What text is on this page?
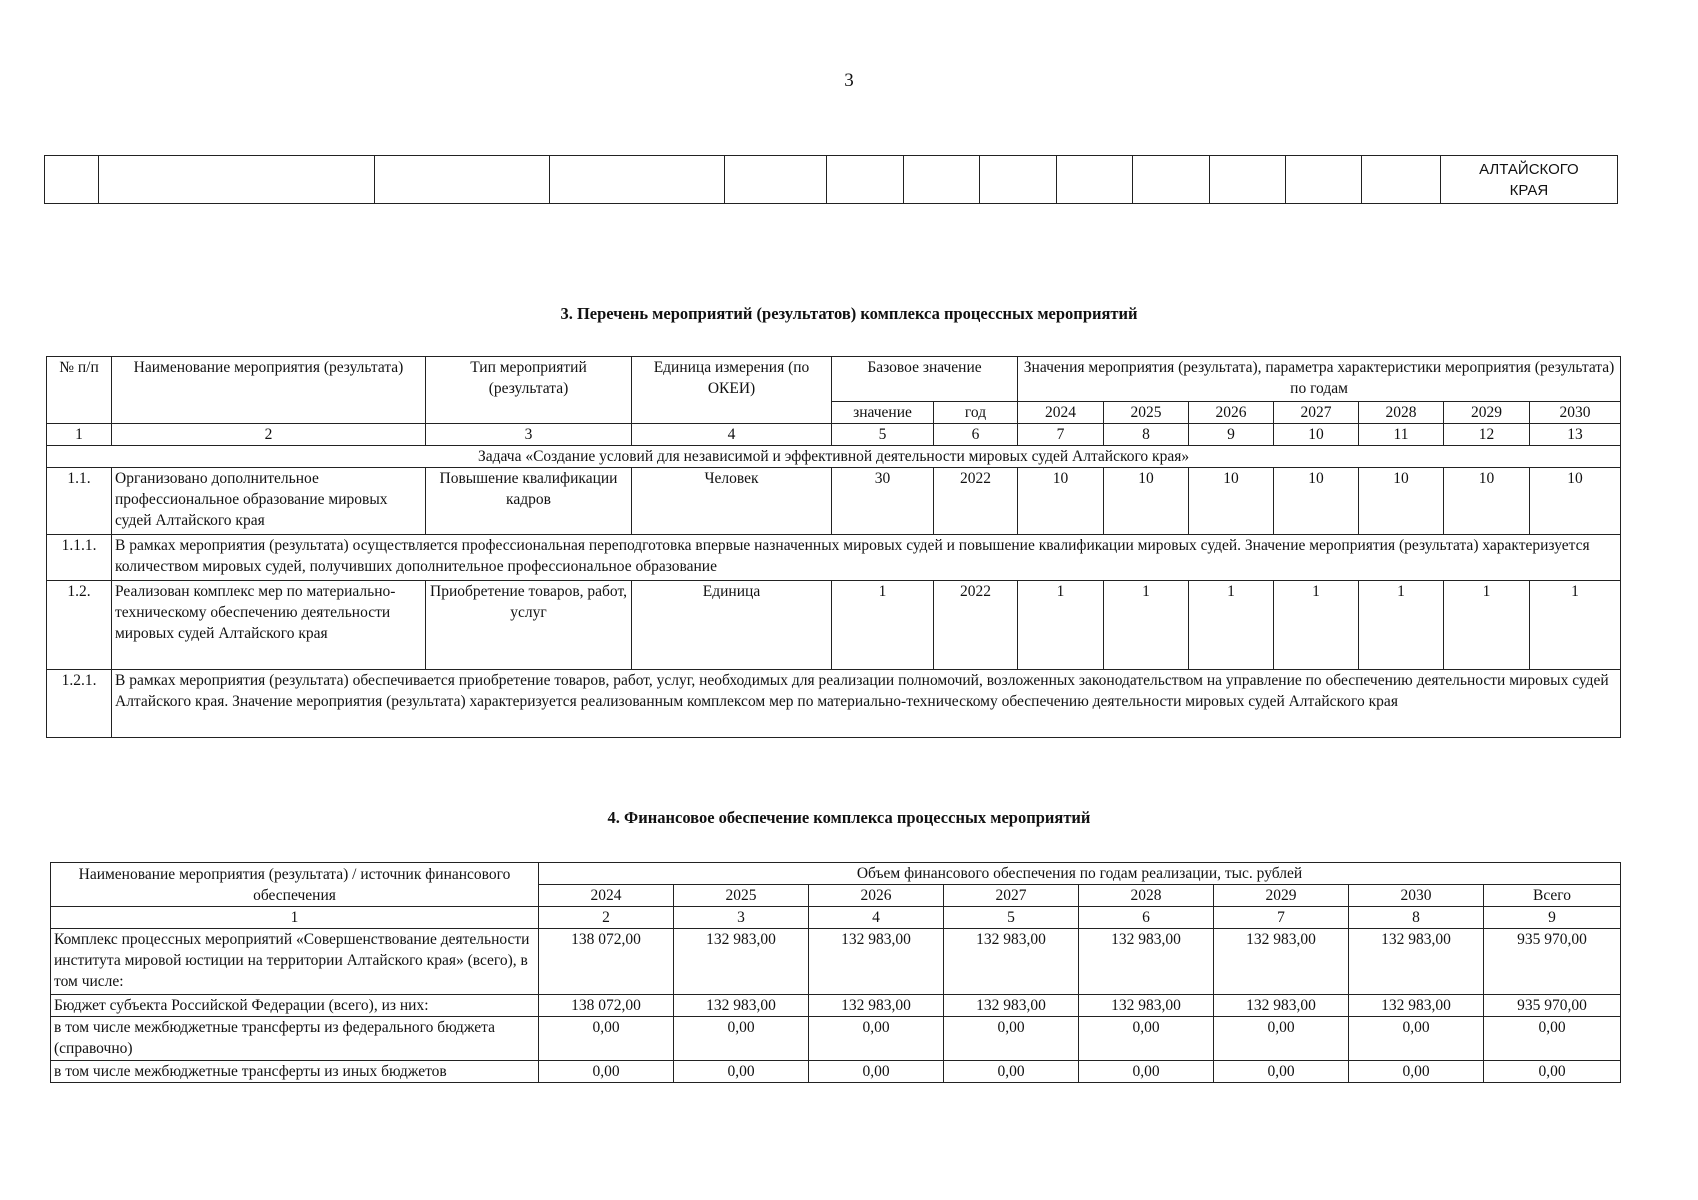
3

АЛТАЙСКОГО
КРАЯ
3. Перечень мероприятий (результатов) комплекса процессных мероприятий
№ п/п	Наименование мероприятия (результата)	Тип мероприятий (результата)	Единица измерения (по ОКЕИ)	Базовое значение		Значения мероприятия (результата), параметра характеристики мероприятия (результата) по годам						
				значение	год	2024	2025	2026	2027	2028	2029	2030
1	2	3	4	5	6	7	8	9	10	11	12	13
Задача «Создание условий для независимой и эффективной деятельности мировых судей Алтайского края»												
1.1.	Организовано дополнительное профессиональное образование мировых судей Алтайского края	Повышение квалификации кадров	Человек	30	2022	10	10	10	10	10	10	10
1.1.1.	В рамках мероприятия (результата) осуществляется профессиональная переподготовка впервые назначенных мировых судей и повышение квалификации мировых судей. Значение мероприятия (результата) характеризуется количеством мировых судей, получивших дополнительное профессиональное образование											
1.2.	Реализован комплекс мер по материально-техническому обеспечению деятельности мировых судей Алтайского края	Приобретение товаров, работ, услуг	Единица	1	2022	1	1	1	1	1	1	1
1.2.1.	В рамках мероприятия (результата) обеспечивается приобретение товаров, работ, услуг, необходимых для реализации полномочий, возложенных законодательством на управление по обеспечению деятельности мировых судей Алтайского края. Значение мероприятия (результата) характеризуется реализованным комплексом мер по материально-техническому обеспечению деятельности мировых судей Алтайского края											
4. Финансовое обеспечение комплекса процессных мероприятий
Наименование мероприятия (результата) / источник финансового обеспечения	Объем финансового обеспечения по годам реализации, тыс. рублей							
	2024	2025	2026	2027	2028	2029	2030	Всего
1	2	3	4	5	6	7	8	9
Комплекс процессных мероприятий «Совершенствование деятельности института мировой юстиции на территории Алтайского края» (всего), в том числе:	138 072,00	132 983,00	132 983,00	132 983,00	132 983,00	132 983,00	132 983,00	935 970,00
Бюджет субъекта Российской Федерации (всего), из них:	138 072,00	132 983,00	132 983,00	132 983,00	132 983,00	132 983,00	132 983,00	935 970,00
в том числе межбюджетные трансферты из федерального бюджета (справочно)	0,00	0,00	0,00	0,00	0,00	0,00	0,00	0,00
в том числе межбюджетные трансферты из иных бюджетов	0,00	0,00	0,00	0,00	0,00	0,00	0,00	0,00
